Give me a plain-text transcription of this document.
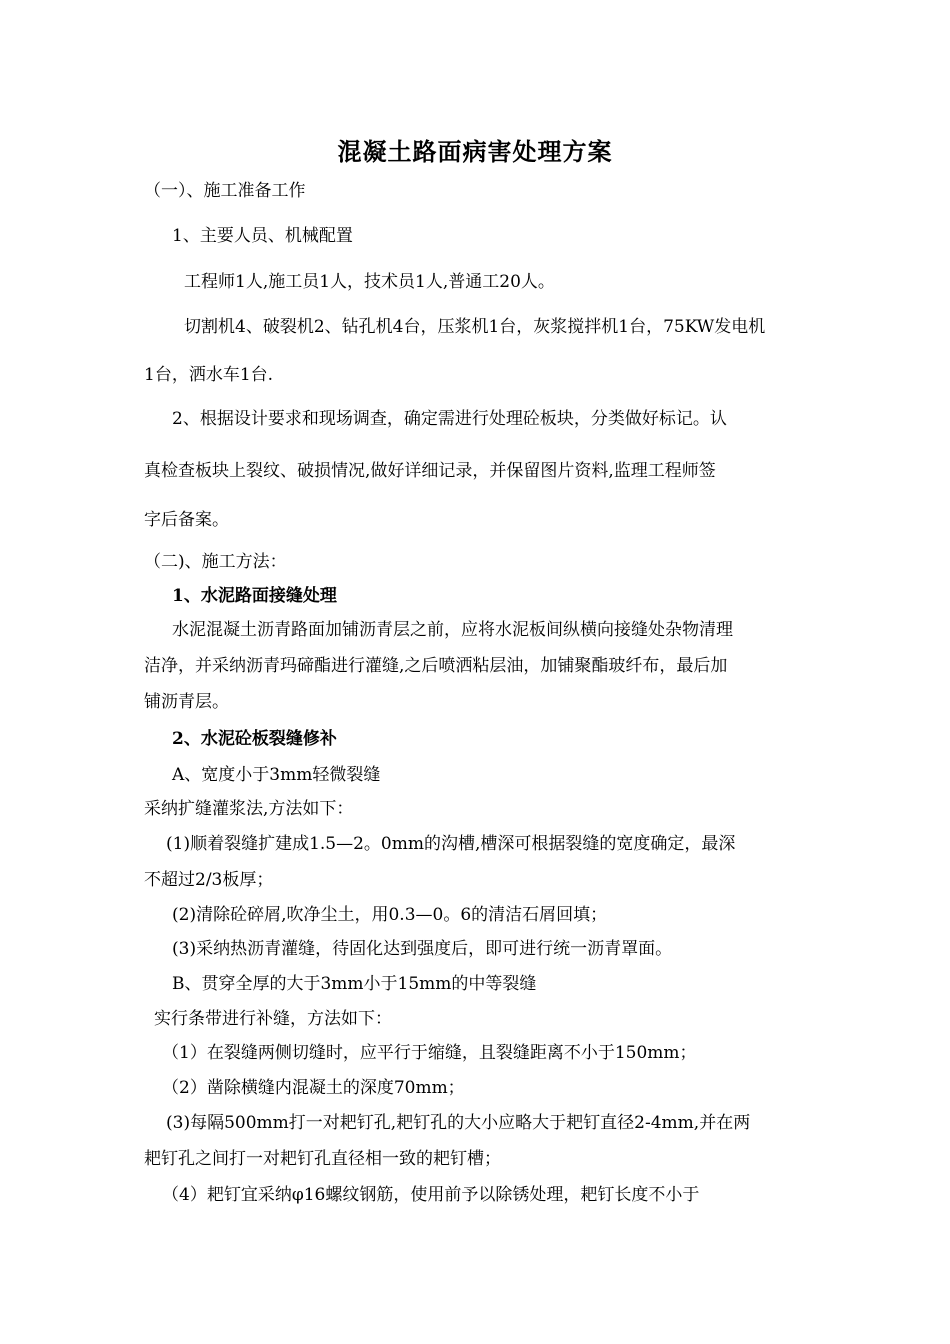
混凝土路面病害处理方案
（一）、施工准备工作
1、主要人员、机械配置
工程师1人,施工员1人，技术员1人,普通工20人。
切割机4、破裂机2、钻孔机4台，压浆机1台，灰浆搅拌机1台，75KW发电机
1台，洒水车1台.
2、根据设计要求和现场调查，确定需进行处理砼板块，分类做好标记。认
真检查板块上裂纹、破损情况,做好详细记录，并保留图片资料,监理工程师签
字后备案。
（二)、施工方法：
1、水泥路面接缝处理
水泥混凝土沥青路面加铺沥青层之前，应将水泥板间纵横向接缝处杂物清理
洁净，并采纳沥青玛碲酯进行灌缝,之后喷洒粘层油，加铺聚酯玻纤布，最后加
铺沥青层。
2、水泥砼板裂缝修补
A、宽度小于3mm轻微裂缝
采纳扩缝灌浆法,方法如下：
(1)顺着裂缝扩建成1.5—2。0mm的沟槽,槽深可根据裂缝的宽度确定，最深
不超过2/3板厚；
(2)清除砼碎屑,吹净尘土，用0.3—0。6的清洁石屑回填；
(3)采纳热沥青灌缝，待固化达到强度后，即可进行统一沥青罩面。
B、贯穿全厚的大于3mm小于15mm的中等裂缝
实行条带进行补缝，方法如下：
（1）在裂缝两侧切缝时，应平行于缩缝，且裂缝距离不小于150mm；
（2）凿除横缝内混凝土的深度70mm；
(3)每隔500mm打一对耙钉孔,耙钉孔的大小应略大于耙钉直径2-4mm,并在两
耙钉孔之间打一对耙钉孔直径相一致的耙钉槽；
（4）耙钉宜采纳φ16螺纹钢筋，使用前予以除锈处理，耙钉长度不小于
